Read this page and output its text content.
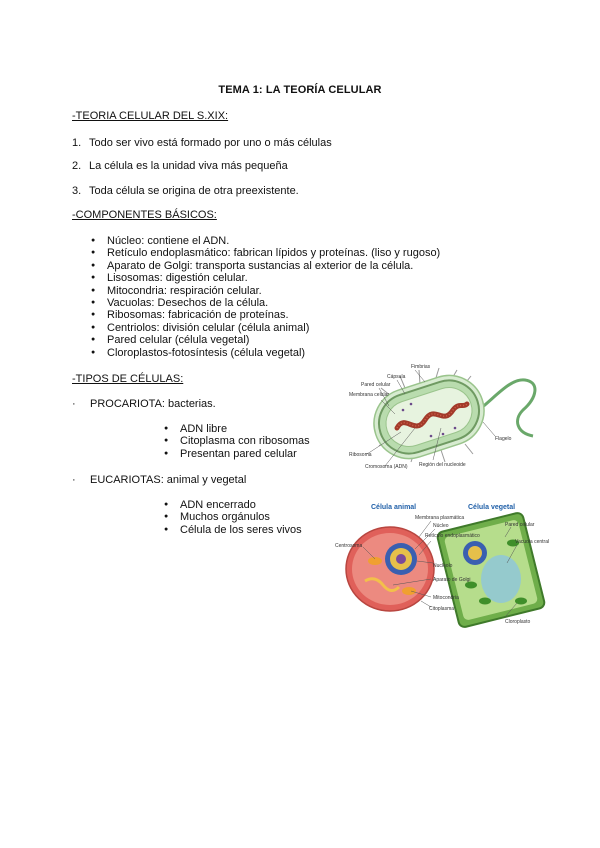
TEMA 1: LA TEORÍA CELULAR
-TEORIA CELULAR DEL S.XIX:
1. Todo ser vivo está formado por uno o más células
2. La célula es la unidad viva más pequeña
3. Toda célula se origina de otra preexistente.
-COMPONENTES BÁSICOS:
● Núcleo: contiene el ADN.
● Retículo endoplasmático: fabrican lípidos y proteínas. (liso y rugoso)
● Aparato de Golgi: transporta sustancias al exterior de la célula.
● Lisosomas: digestión celular.
● Mitocondria: respiración celular.
● Vacuolas: Desechos de la célula.
● Ribosomas: fabricación de proteínas.
● Centriolos: división celular (célula animal)
● Pared celular (célula vegetal)
● Cloroplastos-fotosíntesis (célula vegetal)
-TIPOS DE CÉLULAS:
· PROCARIOTA: bacterias.
● ADN libre
● Citoplasma con ribosomas
● Presentan pared celular
· EUCARIOTAS: animal y vegetal
● ADN encerrado
● Muchos orgánulos
● Célula de los seres vivos
Fimbrias
Cápsula
Pared celular
Membrana celular
Flagelo
Ribosoma
Cromosoma (ADN) Región del nucleoide
Célula animal	Célula vegetal
Membrana plasmática
Núcleo
Retículo endoplasmático
Pared celular
Centrosoma
Vacuola central
Nucleolo
Aparato de Golgi
Mitocondria
Citoplasma
Cloroplasto
